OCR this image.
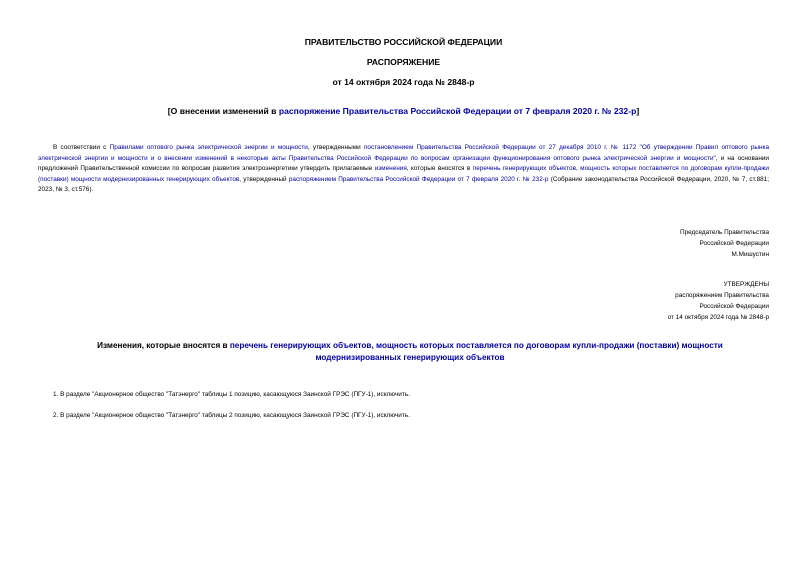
ПРАВИТЕЛЬСТВО РОССИЙСКОЙ ФЕДЕРАЦИИ
РАСПОРЯЖЕНИЕ
от 14 октября 2024 года № 2848-р
[О внесении изменений в распоряжение Правительства Российской Федерации от 7 февраля 2020 г. № 232-р]
В соответствии с Правилами оптового рынка электрической энергии и мощности, утвержденными постановлением Правительства Российской Федерации от 27 декабря 2010 г. № 1172 "Об утверждении Правил оптового рынка электрической энергии и мощности и о внесении изменений в некоторые акты Правительства Российской Федерации по вопросам организации функционирования оптового рынка электрической энергии и мощности", и на основании предложений Правительственной комиссии по вопросам развития электроэнергетики утвердить прилагаемые изменения, которые вносятся в перечень генерирующих объектов, мощность которых поставляется по договорам купли-продажи (поставки) мощности модернизированных генерирующих объектов, утвержденный распоряжением Правительства Российской Федерации от 7 февраля 2020 г. № 232-р (Собрание законодательства Российской Федерации, 2020, № 7, ст.881; 2023, № 3, ст.576).
Председатель Правительства
Российской Федерации
М.Мишустин
УТВЕРЖДЕНЫ
распоряжением Правительства
Российской Федерации
от 14 октября 2024 года № 2848-р
Изменения, которые вносятся в перечень генерирующих объектов, мощность которых поставляется по договорам купли-продажи (поставки) мощности модернизированных генерирующих объектов
1. В разделе "Акционерное общество "Татэнерго" таблицы 1 позицию, касающуюся Заинской ГРЭС (ПГУ-1), исключить.
2. В разделе "Акционерное общество "Татэнерго" таблицы 2 позицию, касающуюся Заинской ГРЭС (ПГУ-1), исключить.
